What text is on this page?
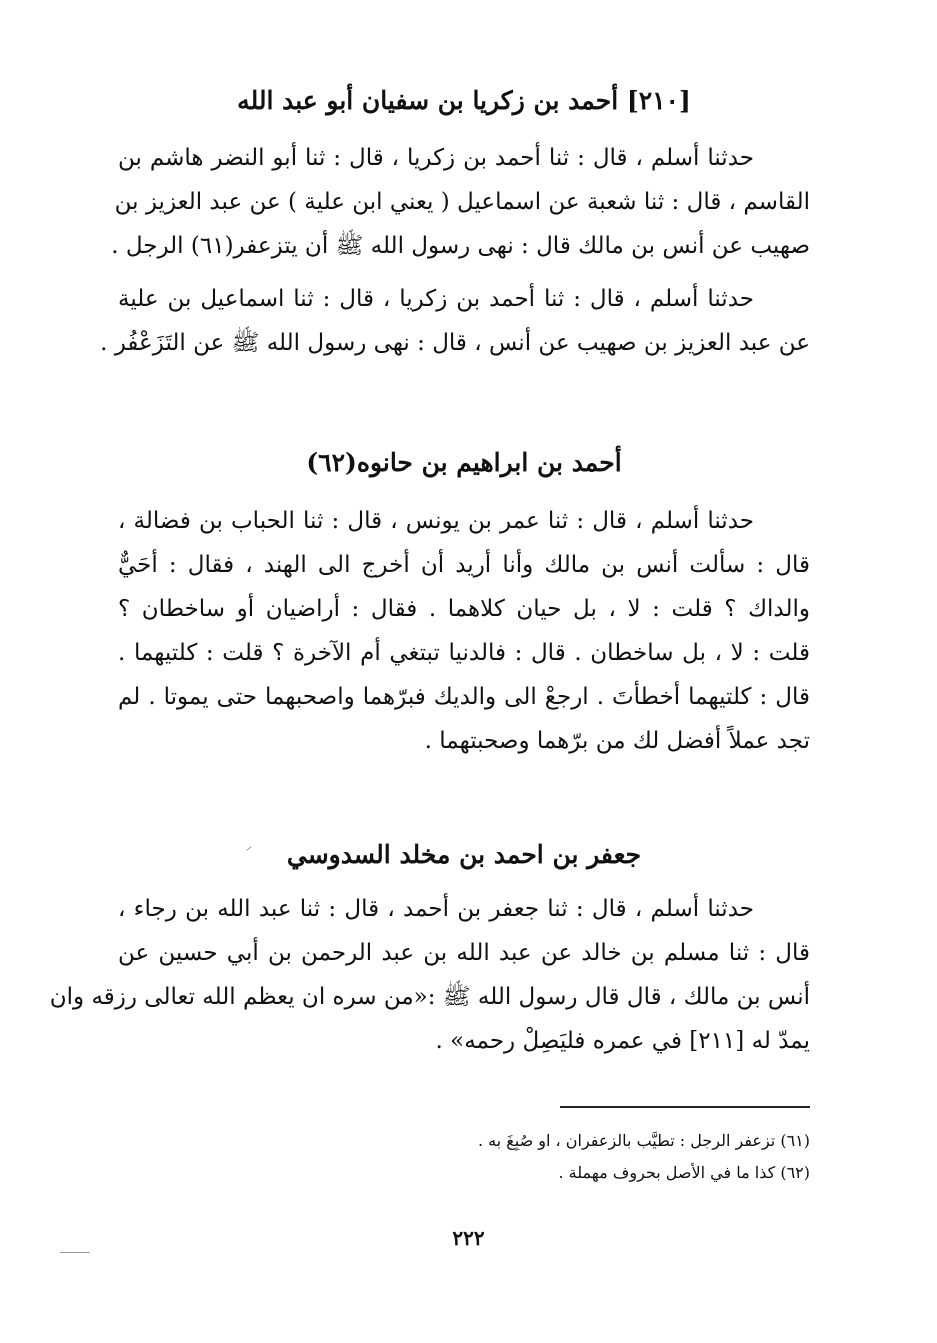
[٢١٠] أحمد بن زكريا بن سفيان أبو عبد الله
حدثنا أسلم ، قال : ثنا أحمد بن زكريا ، قال : ثنا أبو النضر هاشم بن
القاسم ، قال : ثنا شعبة عن اسماعيل ( يعني ابن علية ) عن عبد العزيز بن
صهيب عن أنس بن مالك قال : نهى رسول الله ﷺ أن يتزعفر(٦١) الرجل .
حدثنا أسلم ، قال : ثنا أحمد بن زكريا ، قال : ثنا اسماعيل بن علية
عن عبد العزيز بن صهيب عن أنس ، قال : نهى رسول الله ﷺ عن التَزَعْفُر .
أحمد بن ابراهيم بن حانوه(٦٢)
حدثنا أسلم ، قال : ثنا عمر بن يونس ، قال : ثنا الحباب بن فضالة ،
قال : سألت أنس بن مالك وأنا أريد أن أخرج الى الهند ، فقال : أحَيٌّ
والداك ؟ قلت : لا ، بل حيان كلاهما . فقال : أراضيان أو ساخطان ؟
قلت : لا ، بل ساخطان . قال : فالدنيا تبتغي أم الآخرة ؟ قلت : كلتيهما .
قال : كلتيهما أخطأتَ . ارجعْ الى والديك فبرّهما واصحبهما حتى يموتا . لم
تجد عملاً أفضل لك من برّهما وصحبتهما .
جعفر بن احمد بن مخلد السدوسي
حدثنا أسلم ، قال : ثنا جعفر بن أحمد ، قال : ثنا عبد الله بن رجاء ،
قال : ثنا مسلم بن خالد عن عبد الله بن عبد الرحمن بن أبي حسين عن
أنس بن مالك ، قال قال رسول الله ﷺ :«من سره ان يعظم الله تعالى رزقه وان
يمدّ له [٢١١] في عمره فليَصِلْ رحمه» .
(٦١) تزعفر الرجل : تطيَّب بالزعفران ، او صُبِغَ به .
(٦٢) كذا ما في الأصل بحروف مهملة .
٢٢٢
